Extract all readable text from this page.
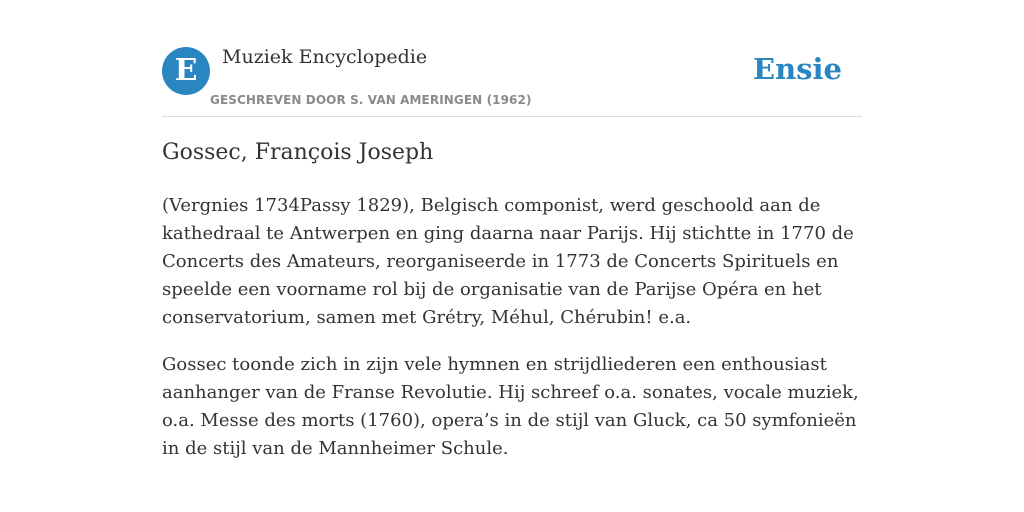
E	Muziek Encyclopedie
GESCHREVEN DOOR S. VAN AMERINGEN (1962)
Ensie
Gossec, François Joseph

(Vergnies 1734Passy 1829), Belgisch componist, werd geschoold aan de kathedraal te Antwerpen en ging daarna naar Parijs. Hij stichtte in 1770 de Concerts des Amateurs, reorganiseerde in 1773 de Concerts Spirituels en speelde een voorname rol bij de organisatie van de Parijse Opéra en het conservatorium, samen met Grétry, Méhul, Chérubin! e.a.

Gossec toonde zich in zijn vele hymnen en strijdliederen een enthousiast aanhanger van de Franse Revolutie. Hij schreef o.a. sonates, vocale muziek, o.a. Messe des morts (1760), opera’s in de stijl van Gluck, ca 50 symfonieën in de stijl van de Mannheimer Schule.
